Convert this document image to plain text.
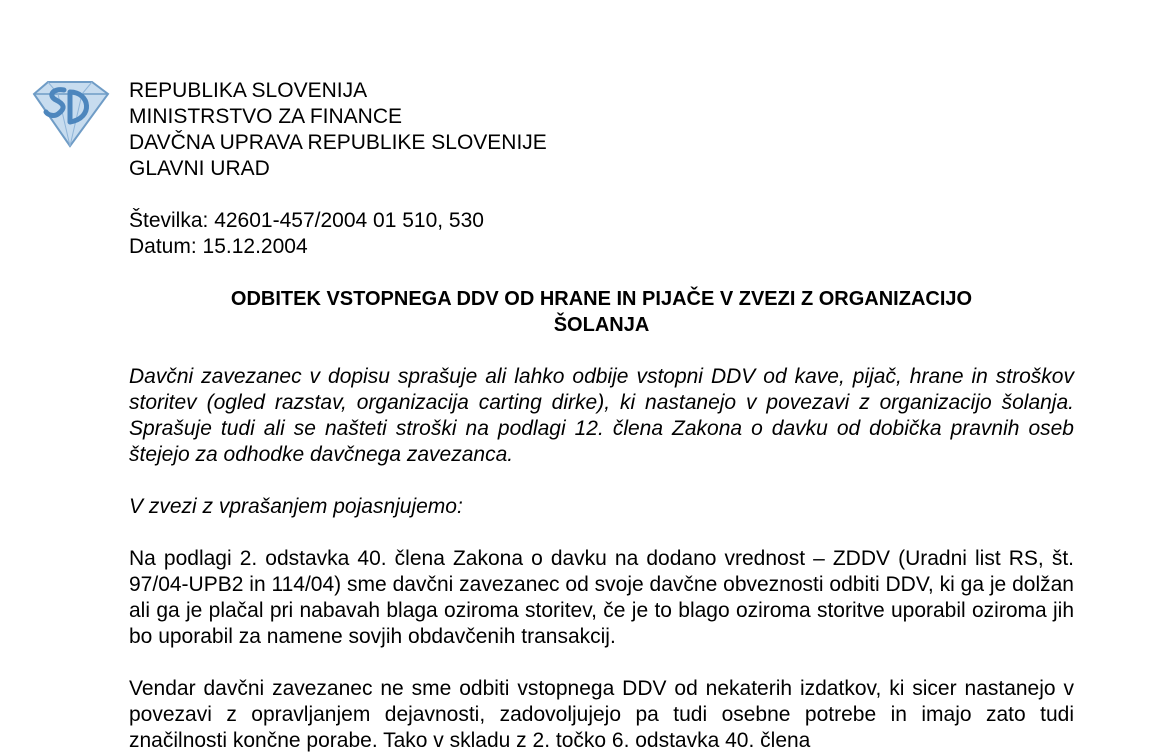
REPUBLIKA SLOVENIJA
MINISTRSTVO ZA FINANCE
DAVČNA UPRAVA REPUBLIKE SLOVENIJE
GLAVNI URAD
Številka: 42601-457/2004 01 510, 530
Datum: 15.12.2004
ODBITEK VSTOPNEGA DDV OD HRANE IN PIJAČE V ZVEZI Z ORGANIZACIJO
ŠOLANJA

Davčni zavezanec v dopisu sprašuje ali lahko odbije vstopni DDV od kave, pijač, hrane in stroškov storitev (ogled razstav, organizacija carting dirke), ki nastanejo v povezavi z organizacijo šolanja. Sprašuje tudi ali se našteti stroški na podlagi 12. člena Zakona o davku od dobička pravnih oseb štejejo za odhodke davčnega zavezanca.

V zvezi z vprašanjem pojasnjujemo:

Na podlagi 2. odstavka 40. člena Zakona o davku na dodano vrednost – ZDDV (Uradni list RS, št. 97/04-UPB2 in 114/04) sme davčni zavezanec od svoje davčne obveznosti odbiti DDV, ki ga je dolžan ali ga je plačal pri nabavah blaga oziroma storitev, če je to blago oziroma storitve uporabil oziroma jih bo uporabil za namene sovjih obdavčenih transakcij.

Vendar davčni zavezanec ne sme odbiti vstopnega DDV od nekaterih izdatkov, ki sicer nastanejo v povezavi z opravljanjem dejavnosti, zadovoljujejo pa tudi osebne potrebe in imajo zato tudi značilnosti končne porabe. Tako v skladu z 2. točko 6. odstavka 40. člena
